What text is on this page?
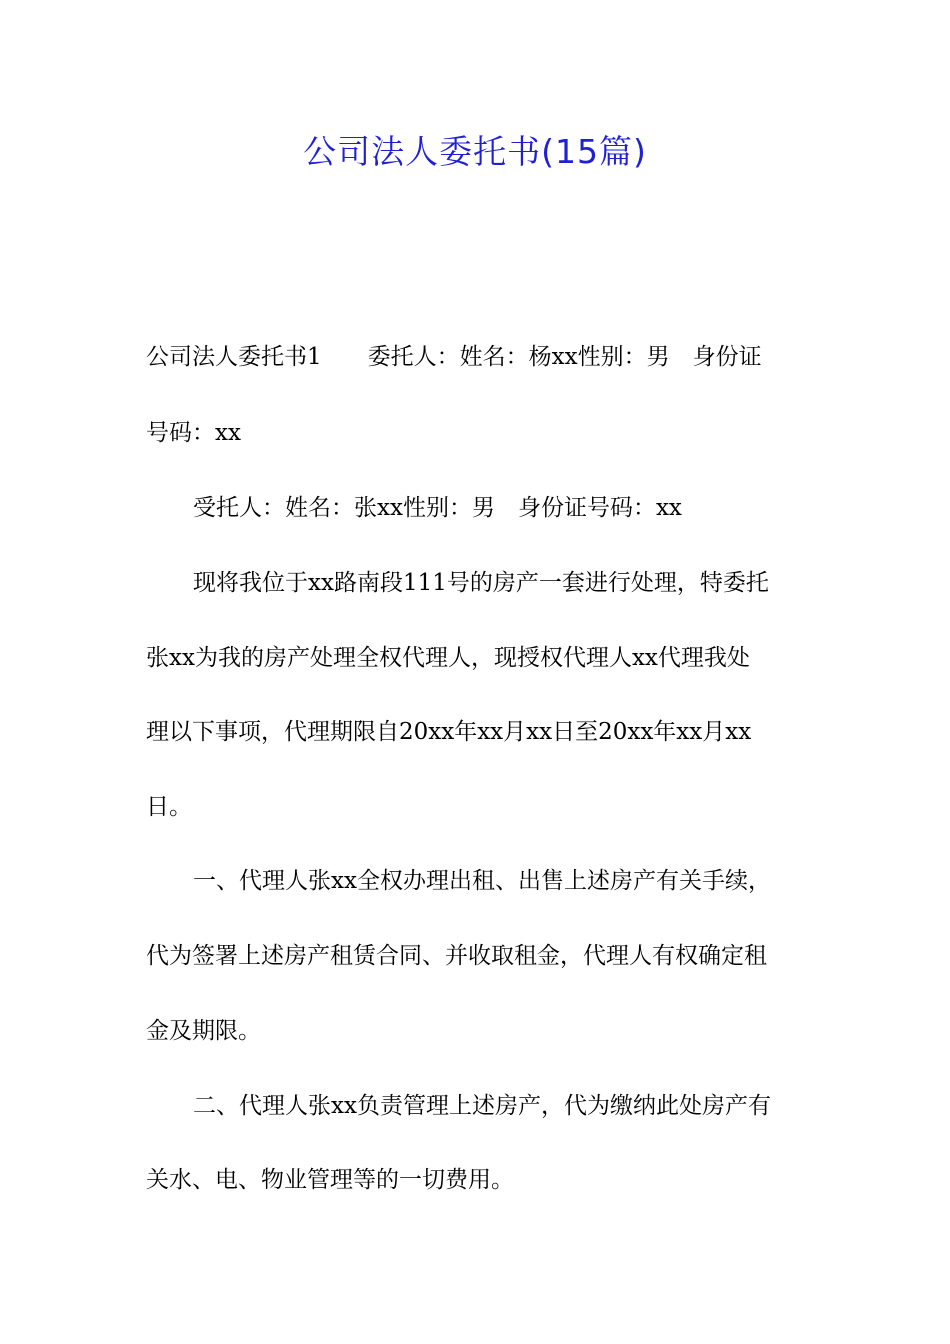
公司法人委托书(15篇)

公司法人委托书1　　委托人：姓名：杨xx性别：男　身份证

号码：xx

受托人：姓名：张xx性别：男　身份证号码：xx

现将我位于xx路南段111号的房产一套进行处理，特委托

张xx为我的房产处理全权代理人，现授权代理人xx代理我处

理以下事项，代理期限自20xx年xx月xx日至20xx年xx月xx

日。

一、代理人张xx全权办理出租、出售上述房产有关手续，

代为签署上述房产租赁合同、并收取租金，代理人有权确定租

金及期限。

二、代理人张xx负责管理上述房产，代为缴纳此处房产有

关水、电、物业管理等的一切费用。
